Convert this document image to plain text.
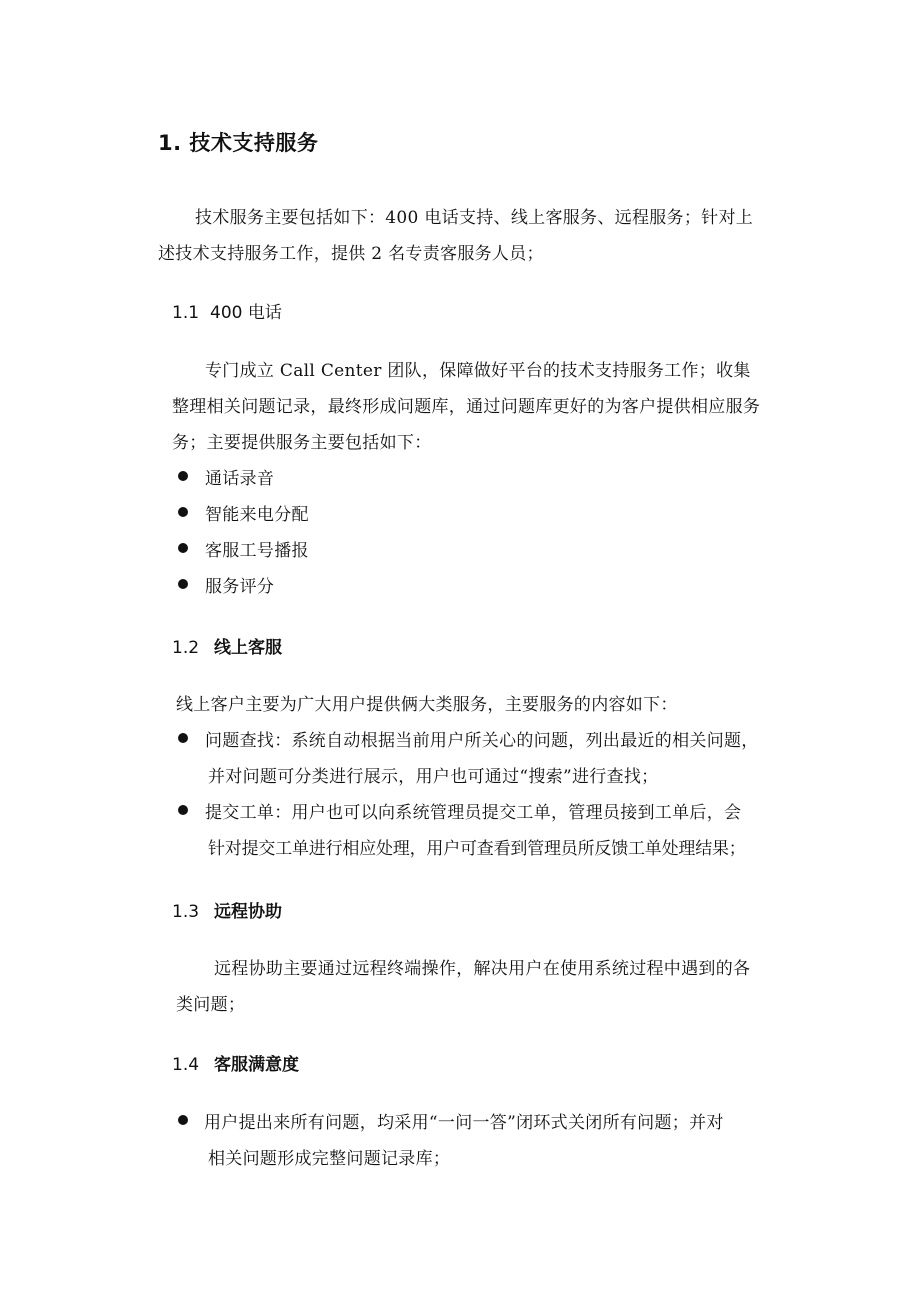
1. 技术支持服务
技术服务主要包括如下：400 电话支持、线上客服务、远程服务；针对上
述技术支持服务工作，提供 2 名专责客服务人员；
1.1 400 电话
专门成立 Call Center 团队，保障做好平台的技术支持服务工作；收集
整理相关问题记录，最终形成问题库，通过问题库更好的为客户提供相应服务
务；主要提供服务主要包括如下：
通话录音
智能来电分配
客服工号播报
服务评分
1.2 线上客服
线上客户主要为广大用户提供俩大类服务，主要服务的内容如下：
问题查找：系统自动根据当前用户所关心的问题，列出最近的相关问题，
并对问题可分类进行展示，用户也可通过“搜索”进行查找；
提交工单：用户也可以向系统管理员提交工单，管理员接到工单后，会
针对提交工单进行相应处理，用户可查看到管理员所反馈工单处理结果；
1.3 远程协助
远程协助主要通过远程终端操作，解决用户在使用系统过程中遇到的各
类问题；
1.4 客服满意度
用户提出来所有问题，均采用“一问一答”闭环式关闭所有问题；并对
相关问题形成完整问题记录库；
